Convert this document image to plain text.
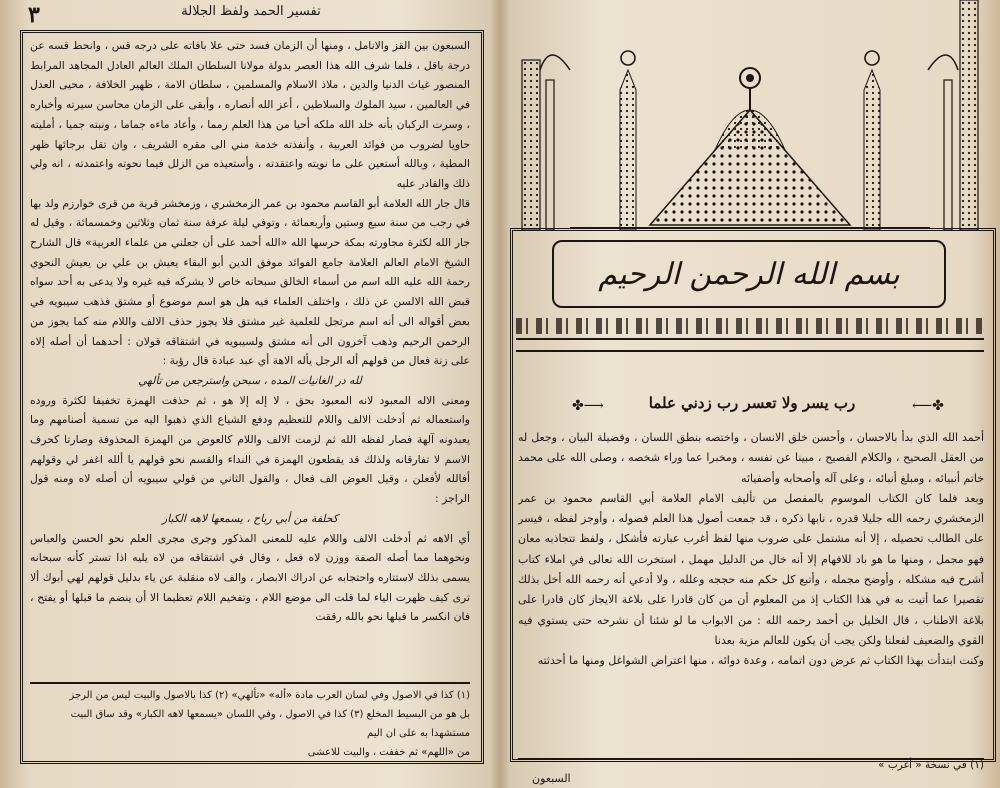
٣	تفسير الحمد ولفظ الجلالة

السبعون بين القز والانامل ، ومنها أن الزمان فسد حتى علا بافاته على درجه قس ، وانحط قسه عن درجة باقل ، فلما شرف الله هذا العصر بدولة مولانا السلطان الملك العالم العادل المجاهد المرابط المنصور غياث الدنيا والدين ، ملاذ الاسلام والمسلمين ، سلطان الامة ، ظهير الخلافة ، محيى العدل في العالمين ، سيد الملوك والسلاطين ، أعز الله أنصاره ، وأبقى على الزمان محاسن سيرته وأخباره ، وسرت الركبان بأنه خلد الله ملكه أحيا من هذا العلم رمما ، وأعاد ماءه جماما ، ونبته جميا ، أمليته حاويا لضروب من فوائد العربية ، وأنفذته خدمة مني الى مقره الشريف ، وان تقل برجائها ظهر المطية ، وبالله أستعين على ما نويته واعتقدته ، وأستعيذه من الزلل فيما نحوته واعتمدته ، انه ولي ذلك والقادر عليه

قال جار الله العلامة أبو القاسم محمود بن عمر الزمخشري ، وزمخشر قرية من قرى خوارزم ولد بها في رجب من سنة سبع وستين وأربعمائة ، وتوفي ليلة عرفة سنة ثمان وثلاثين وخمسمائة ، وقيل له جار الله لكثرة مجاورته بمكة حرسها الله «الله أحمد على أن جعلني من علماء العربية» قال الشارح الشيخ الامام العالم العلامة جامع الفوائد موفق الدين أبو البقاء يعيش بن علي بن يعيش النحوي رحمة الله عليه الله اسم من أسماء الخالق سبحانه خاص لا يشركه فيه غيره ولا يدعى به أحد سواه قبض الله الالسن عن ذلك ، واختلف العلماء فيه هل هو اسم موضوع أو مشتق فذهب سيبويه في بعض أقواله الى أنه اسم مرتجل للعلمية غير مشتق فلا يجوز حذف الالف واللام منه كما يجوز من الرحمن الرحيم وذهب آخرون الى أنه مشتق ولسيبويه في اشتقاقه قولان : أحدهما أن أصله إلاه على زنة فعال من قولهم أله الرجل يأله الاهة أي عبد عبادة قال رؤبة :

لله در الغانيات المده ، سبحن واسترجعن من تألهي

ومعنى الاله المعبود لانه المعبود بحق ، لا إله إلا هو ، ثم حذفت الهمزة تخفيفا لكثرة وروده واستعماله ثم أدخلت الالف واللام للتعظيم ودفع الشياع الذي ذهبوا اليه من تسمية أصنامهم وما يعبدونه آلهة فصار لفظه الله ثم لزمت الالف واللام كالعوض من الهمزة المحذوفة وصارتا كحرف الاسم لا تفارقانه ولذلك قد يقطعون الهمزة في النداء والقسم نحو قولهم يا ألله اغفر لي وقولهم أفالله لأفعلن ، وقيل العوض الف فعال ، والقول الثاني من قولي سيبويه أن أصله لاه ومنه قول الراجز :

كحلفة من أبي رباح ، يسمعها لاهه الكبار

أي الاهه ثم أدخلت الالف واللام عليه للمعنى المذكور وجرى مجرى العلم نحو الحسن والعباس ونحوهما مما أصله الصفة ووزن لاه فعل ، وقال في اشتقاقه من لاه يليه اذا تستر كأنه سبحانه يسمى بذلك لاستتاره واحتجابه عن ادراك الابصار ، والف لاه منقلبة عن ياء بدليل قولهم لهي أبوك ألا ترى كيف ظهرت الياء لما قلت الى موضع اللام ، وتفخيم اللام تعظيما الا أن ينضم ما قبلها أو يفتح ، فان انكسر ما قبلها نحو بالله رققت

(١) كذا في الاصول وفي لسان العرب مادة «أله» «تألهي» (٢) كذا بالاصول والبيت ليس من الرجز
بل هو من البسيط المخلع (٣) كذا في الاصول ، وفي اللسان «يسمعها لاهه الكبار» وقد ساق البيت مستشهدا به على ان اليم
من «اللهم» ثم خففت ، والبيت للاعشى
بسم الله الرحمن الرحيم
✤⟶	⟵✤
رب يسر ولا تعسر رب زدني علما

أحمد الله الذي بدأ بالاحسان ، وأحسن خلق الانسان ، واختصه بنطق اللسان ، وفضيلة البيان ، وجعل له من العقل الصحيح ، والكلام الفصيح ، مبينا عن نفسه ، ومخبرا عما وراء شخصه ، وصلى الله على محمد خاتم أنبيائه ، ومبلغ أنبائه ، وعلى آله وأصحابه وأصفيائه

وبعد فلما كان الكتاب الموسوم بالمفصل من تأليف الامام العلامة أبي القاسم محمود بن عمر الزمخشري رحمه الله جليلا قدره ، نابها ذكره ، قد جمعت أصول هذا العلم فصوله ، وأوجز لفظه ، فيسر على الطالب تحصيله ، إلا أنه مشتمل على ضروب منها لفظ أغرب عبارته فأشكل ، ولفظ تتجاذبه معان فهو مجمل ، ومنها ما هو باد للافهام إلا أنه خال من الدليل مهمل ، استخرت الله تعالى في املاء كتاب أشرح فيه مشكله ، وأوضح مجمله ، وأتبع كل حكم منه حججه وعلله ، ولا أدعي أنه رحمه الله أخل بذلك تقصيرا عما أتيت به في هذا الكتاب إذ من المعلوم أن من كان قادرا على بلاغة الايجاز كان قادرا على بلاغة الاطناب ، قال الخليل بن أحمد رحمه الله : من الابواب ما لو شئنا أن نشرحه حتى يستوي فيه القوي والضعيف لفعلنا ولكن يجب أن يكون للعالم مزية بعدنا

وكنت ابتدأت بهذا الكتاب ثم عرض دون اتمامه ، وعدة دوائه ، منها اعتراض الشواغل ومنها ما أحدثته

(١) في نسخة « أغرب »
السبعون
